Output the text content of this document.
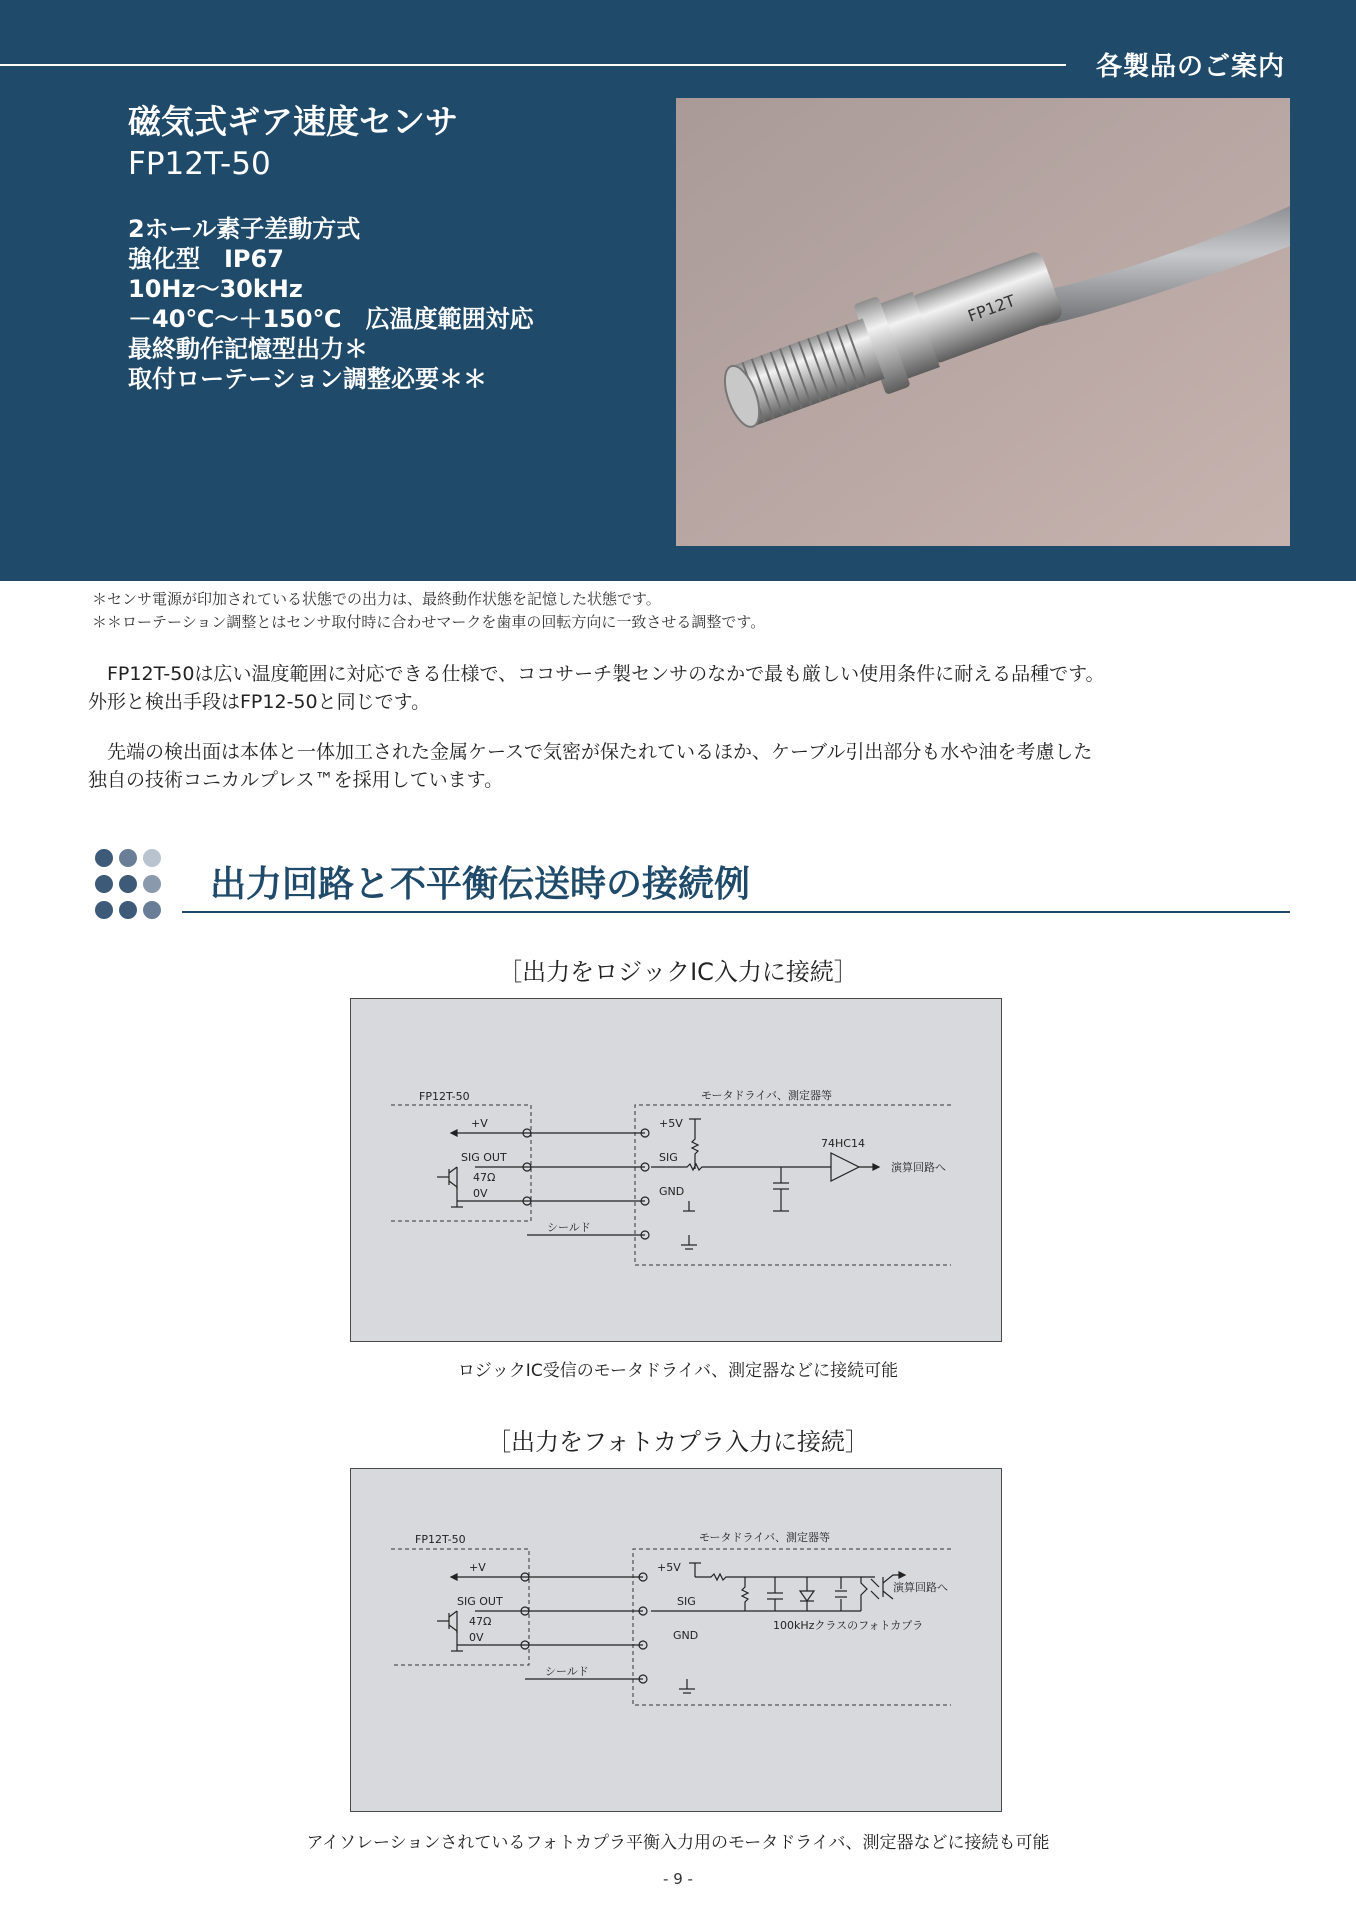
各製品のご案内
磁気式ギア速度センサ
FP12T-50
2ホール素子差動方式
強化型　IP67
10Hz〜30kHz
－40℃〜＋150℃　広温度範囲対応
最終動作記憶型出力＊
取付ローテーション調整必要＊＊
FP12T
＊センサ電源が印加されている状態での出力は、最終動作状態を記憶した状態です。
＊＊ローテーション調整とはセンサ取付時に合わせマークを歯車の回転方向に一致させる調整です。
　FP12T-50は広い温度範囲に対応できる仕様で、ココサーチ製センサのなかで最も厳しい使用条件に耐える品種です。
外形と検出手段はFP12-50と同じです。
　先端の検出面は本体と一体加工された金属ケースで気密が保たれているほか、ケーブル引出部分も水や油を考慮した
独自の技術コニカルプレス™を採用しています。
出力回路と不平衡伝送時の接続例
［出力をロジックIC入力に接続］
FP12T-50	モータドライバ、測定器等
+V
SIG OUT
47Ω
0V
シールド
+5V
SIG
GND
74HC14
演算回路へ
ロジックIC受信のモータドライバ、測定器などに接続可能
［出力をフォトカプラ入力に接続］
FP12T-50	モータドライバ、測定器等
+V
SIG OUT
47Ω
0V
シールド
+5V
SIG
GND
100kHzクラスのフォトカプラ
演算回路へ
アイソレーションされているフォトカプラ平衡入力用のモータドライバ、測定器などに接続も可能
- 9 -
